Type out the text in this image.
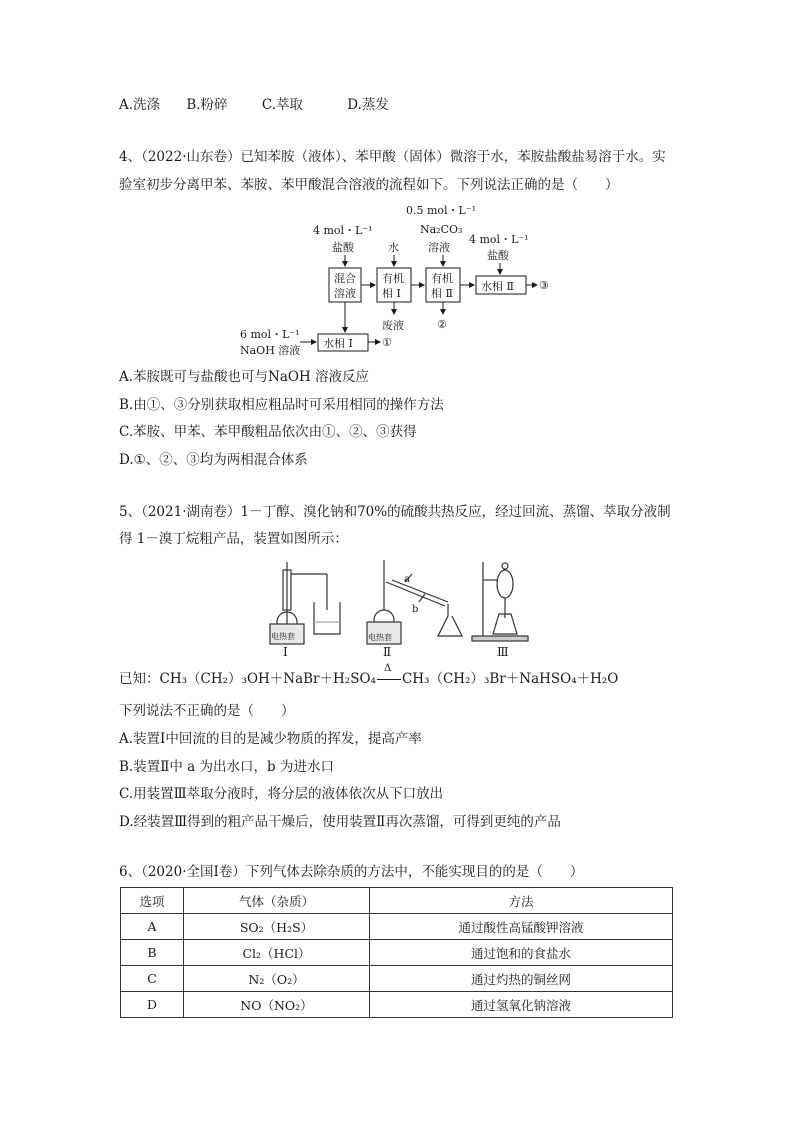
A.洗涤 B.粉碎	C.萃取	D.蒸发
4、（2022·山东卷）已知苯胺（液体）、苯甲酸（固体）微溶于水，苯胺盐酸盐易溶于水。实
验室初步分离甲苯、苯胺、苯甲酸混合溶液的流程如下。下列说法正确的是（　　）
4 mol・L⁻¹
盐酸	水
0.5 mol・L⁻¹
Na₂CO₃
溶液
4 mol・L⁻¹
盐酸
混合
溶液
有机
相 Ⅰ
有机
相 Ⅱ
水相 Ⅱ ③
废液	②
水相 Ⅰ	①
6 mol・L⁻¹
NaOH 溶液
A.苯胺既可与盐酸也可与NaOH 溶液反应
B.由①、③分别获取相应粗品时可采用相同的操作方法
C.苯胺、甲苯、苯甲酸粗品依次由①、②、③获得
D.①、②、③均为两相混合体系
5、（2021·湖南卷）1－丁醇、溴化钠和70%的硫酸共热反应，经过回流、蒸馏、萃取分液制
得 1－溴丁烷粗产品，装置如图所示：
电热套
Ⅰ
电热套
a
b
Ⅱ	Ⅲ
已知：CH₃（CH₂）₃OH＋NaBr＋H₂SO₄
Δ
CH₃（CH₂）₃Br＋NaHSO₄＋H₂O
下列说法不正确的是（　　）
A.装置Ⅰ中回流的目的是减少物质的挥发，提高产率
B.装置Ⅱ中 a 为出水口，b 为进水口
C.用装置Ⅲ萃取分液时，将分层的液体依次从下口放出
D.经装置Ⅲ得到的粗产品干燥后，使用装置Ⅱ再次蒸馏，可得到更纯的产品
6、（2020·全国Ⅰ卷）下列气体去除杂质的方法中，不能实现目的的是（　　）
选项	气体（杂质）	方法
A	SO₂（H₂S）	通过酸性高锰酸钾溶液
B	Cl₂（HCl）	通过饱和的食盐水
C	N₂（O₂）	通过灼热的铜丝网
D	NO（NO₂）	通过氢氧化钠溶液
